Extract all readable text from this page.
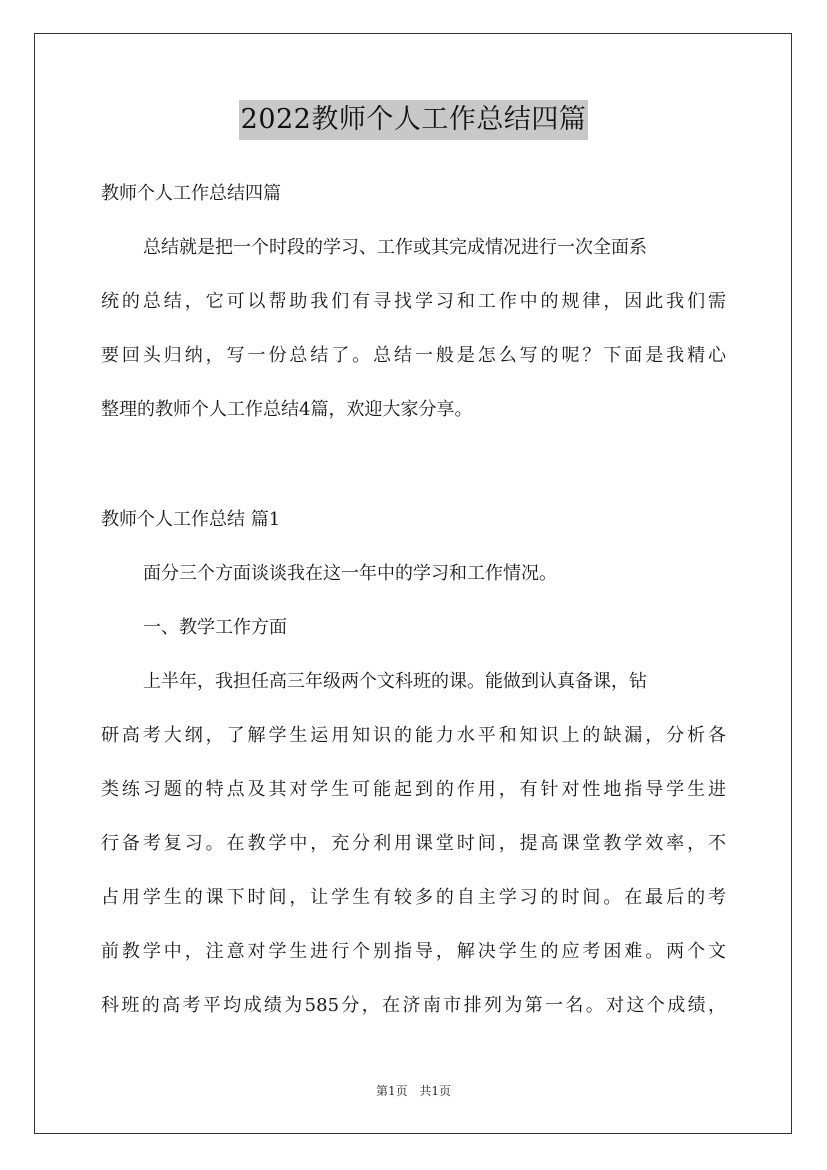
2022教师个人工作总结四篇
教师个人工作总结四篇
总结就是把一个时段的学习、工作或其完成情况进行一次全面系
统的总结，它可以帮助我们有寻找学习和工作中的规律，因此我们需
要回头归纳，写一份总结了。总结一般是怎么写的呢？下面是我精心
整理的教师个人工作总结4篇，欢迎大家分享。
教师个人工作总结 篇1
面分三个方面谈谈我在这一年中的学习和工作情况。
一、教学工作方面
上半年，我担任高三年级两个文科班的课。能做到认真备课，钻
研高考大纲，了解学生运用知识的能力水平和知识上的缺漏，分析各
类练习题的特点及其对学生可能起到的作用，有针对性地指导学生进
行备考复习。在教学中，充分利用课堂时间，提高课堂教学效率，不
占用学生的课下时间，让学生有较多的自主学习的时间。在最后的考
前教学中，注意对学生进行个别指导，解决学生的应考困难。两个文
科班的高考平均成绩为585分，在济南市排列为第一名。对这个成绩，
第1页 共1页
